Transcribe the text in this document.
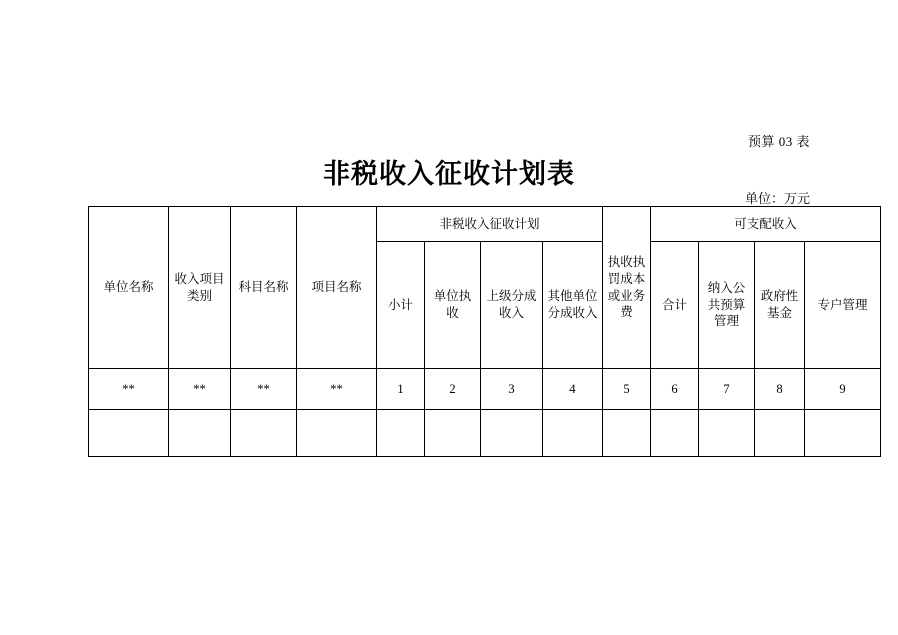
预算 03 表
非税收入征收计划表
单位：万元
单位名称	收入项目类别	科目名称	项目名称	非税收入征收计划				执收执罚成本或业务费	可支配收入			
				小计	单位执收	上级分成收入	其他单位分成收入		合计	纳入公共预算管理	政府性基金	专户管理
**	**	**	**	1	2	3	4	5	6	7	8	9
